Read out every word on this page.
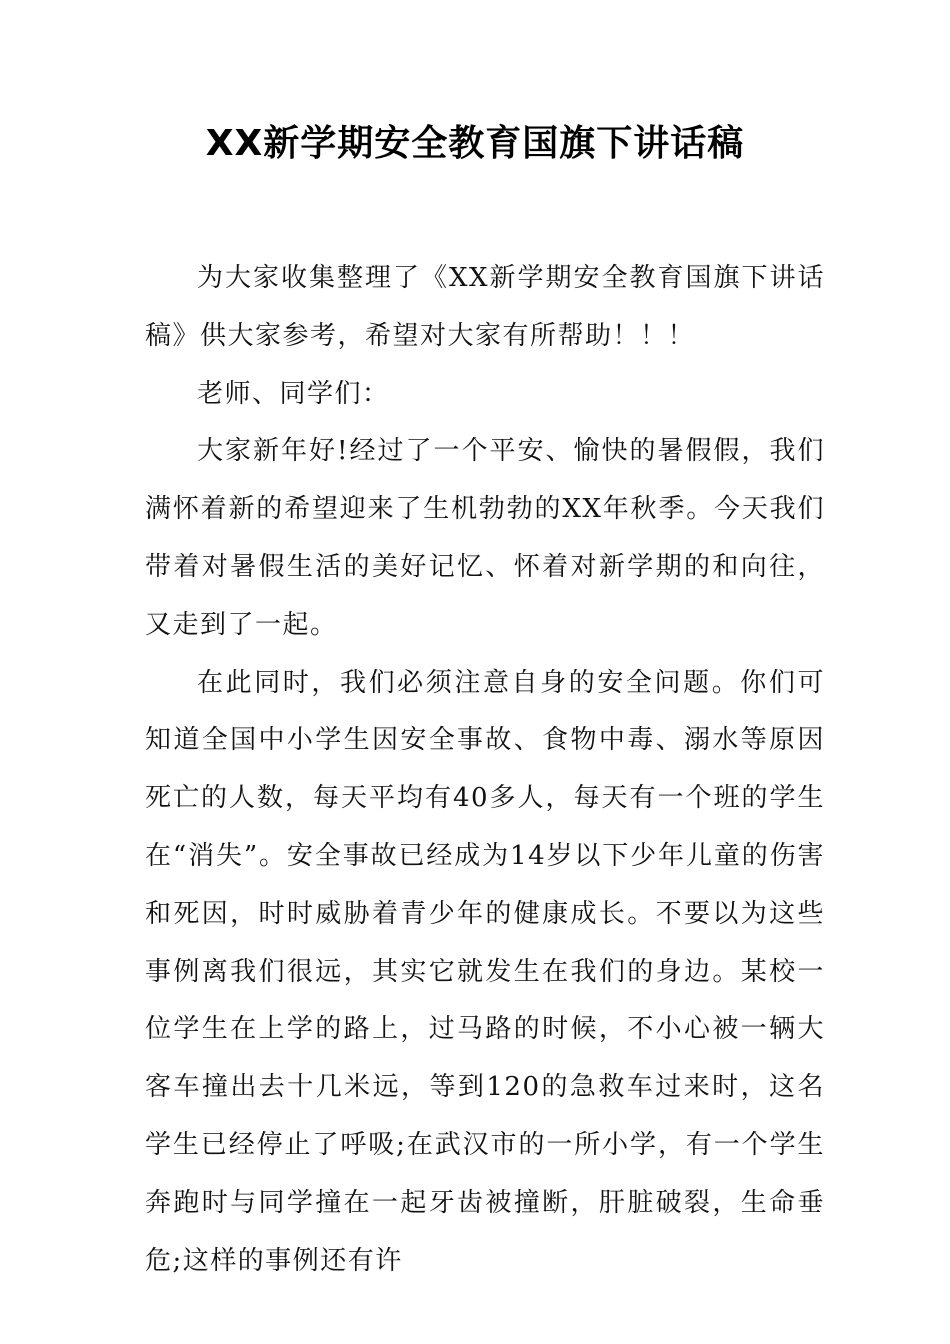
XX新学期安全教育国旗下讲话稿

为大家收集整理了《XX新学期安全教育国旗下讲话稿》供大家参考，希望对大家有所帮助！！！

老师、同学们：

大家新年好!经过了一个平安、愉快的暑假假，我们满怀着新的希望迎来了生机勃勃的XX年秋季。今天我们带着对暑假生活的美好记忆、怀着对新学期的和向往，又走到了一起。

在此同时，我们必须注意自身的安全问题。你们可知道全国中小学生因安全事故、食物中毒、溺水等原因死亡的人数，每天平均有40多人，每天有一个班的学生在“消失”。安全事故已经成为14岁以下少年儿童的伤害和死因，时时威胁着青少年的健康成长。不要以为这些事例离我们很远，其实它就发生在我们的身边。某校一位学生在上学的路上，过马路的时候，不小心被一辆大客车撞出去十几米远，等到120的急救车过来时，这名学生已经停止了呼吸;在武汉市的一所小学，有一个学生奔跑时与同学撞在一起牙齿被撞断，肝脏破裂，生命垂危;这样的事例还有许
